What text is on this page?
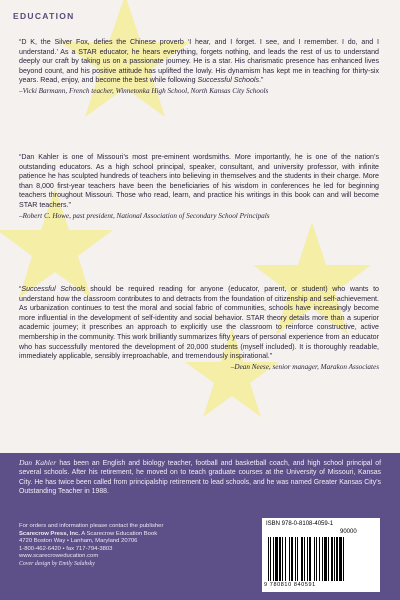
EDUCATION

“D K, the Silver Fox, defies the Chinese proverb ‘I hear, and I forget. I see, and I remember. I do, and I understand.’ As a STAR educator, he hears everything, forgets nothing, and leads the rest of us to understand deeply our craft by taking us on a passionate journey. He is a star. His charismatic presence has enhanced lives beyond count, and his positive attitude has uplifted the lowly. His dynamism has kept me in teaching for thirty-six years. Read, enjoy, and become the best while following Successful Schools.”

–Vicki Barmann, French teacher, Winnetonka High School, North Kansas City Schools

“Dan Kahler is one of Missouri’s most pre-eminent wordsmiths. More importantly, he is one of the nation’s outstanding educators. As a high school principal, speaker, consultant, and university professor, with infinite patience he has sculpted hundreds of teachers into believing in themselves and the students in their charge. More than 8,000 first-year teachers have been the beneficiaries of his wisdom in conferences he led for beginning teachers throughout Missouri. Those who read, learn, and practice his writings in this book can and will become STAR teachers.”

–Robert C. Howe, past president, National Association of Secondary School Principals

“Successful Schools should be required reading for anyone (educator, parent, or student) who wants to understand how the classroom contributes to and detracts from the foundation of citizenship and self-achievement. As urbanization continues to test the moral and social fabric of communities, schools have increasingly become more influential in the development of self-identity and social behavior. STAR theory details more than a superior academic journey; it prescribes an approach to explicitly use the classroom to reinforce constructive, active membership in the community. This work brilliantly summarizes fifty years of personal experience from an educator who has successfully mentored the development of 20,000 students (myself included). It is thoroughly readable, immediately applicable, sensibly irreproachable, and tremendously inspirational.”

–Dean Neese, senior manager, Marakon Associates

Dan Kahler has been an English and biology teacher, football and basketball coach, and high school principal of several schools. After his retirement, he moved on to teach graduate courses at the University of Missouri, Kansas City. He has twice been called from principalship retirement to lead schools, and he was named Greater Kansas City’s Outstanding Teacher in 1988.

For orders and information please contact the publisher
Scarecrow Press, Inc. A Scarecrow Education Book
4720 Boston Way • Lanham, Maryland 20706
1-800-462-6420 • fax 717-794-3803
www.scarecroweducation.com
Cover design by Emily Salahsky
ISBN 978-0-8108-4059-1
90000
9 780810 840591
